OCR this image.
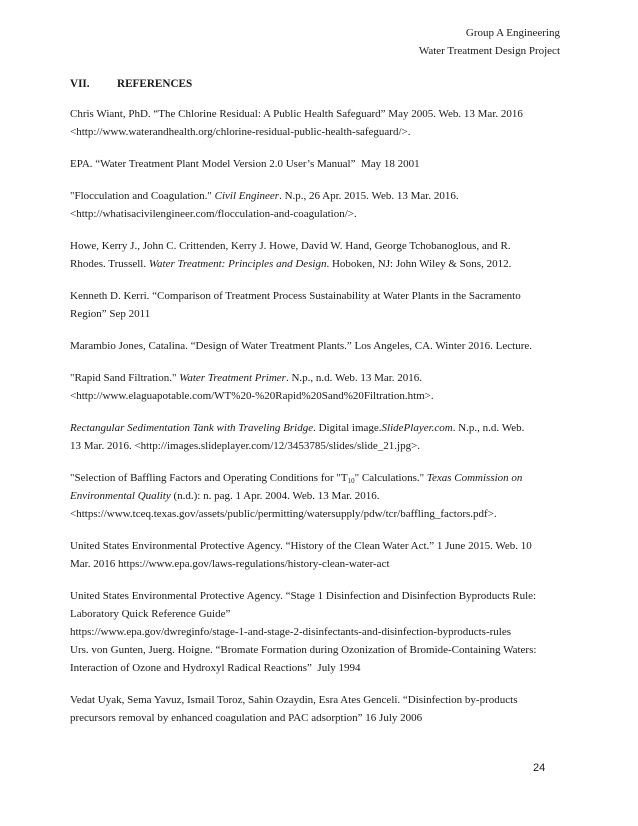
Group A Engineering
Water Treatment Design Project
VII. REFERENCES
Chris Wiant, PhD. “The Chlorine Residual: A Public Health Safeguard” May 2005. Web. 13 Mar. 2016
<http://www.waterandhealth.org/chlorine-residual-public-health-safeguard/>.
EPA. “Water Treatment Plant Model Version 2.0 User’s Manual”  May 18 2001
"Flocculation and Coagulation." Civil Engineer. N.p., 26 Apr. 2015. Web. 13 Mar. 2016.
<http://whatisacivilengineer.com/flocculation-and-coagulation/>.
Howe, Kerry J., John C. Crittenden, Kerry J. Howe, David W. Hand, George Tchobanoglous, and R.
Rhodes. Trussell. Water Treatment: Principles and Design. Hoboken, NJ: John Wiley & Sons, 2012.
Kenneth D. Kerri. “Comparison of Treatment Process Sustainability at Water Plants in the Sacramento
Region” Sep 2011
Marambio Jones, Catalina. “Design of Water Treatment Plants.” Los Angeles, CA. Winter 2016. Lecture.
"Rapid Sand Filtration." Water Treatment Primer. N.p., n.d. Web. 13 Mar. 2016.
<http://www.elaguapotable.com/WT%20-%20Rapid%20Sand%20Filtration.htm>.
Rectangular Sedimentation Tank with Traveling Bridge. Digital image.SlidePlayer.com. N.p., n.d. Web.
13 Mar. 2016. <http://images.slideplayer.com/12/3453785/slides/slide_21.jpg>.
"Selection of Baffling Factors and Operating Conditions for "$T_{10}$" Calculations." Texas Commission on
Environmental Quality (n.d.): n. pag. 1 Apr. 2004. Web. 13 Mar. 2016.
<https://www.tceq.texas.gov/assets/public/permitting/watersupply/pdw/tcr/baffling_factors.pdf>.
United States Environmental Protective Agency. “History of the Clean Water Act.” 1 June 2015. Web. 10
Mar. 2016 https://www.epa.gov/laws-regulations/history-clean-water-act
United States Environmental Protective Agency. “Stage 1 Disinfection and Disinfection Byproducts Rule:
Laboratory Quick Reference Guide”
https://www.epa.gov/dwreginfo/stage-1-and-stage-2-disinfectants-and-disinfection-byproducts-rules
Urs. von Gunten, Juerg. Hoigne. “Bromate Formation during Ozonization of Bromide-Containing Waters:
Interaction of Ozone and Hydroxyl Radical Reactions”  July 1994
Vedat Uyak, Sema Yavuz, Ismail Toroz, Sahin Ozaydin, Esra Ates Genceli. “Disinfection by-products
precursors removal by enhanced coagulation and PAC adsorption” 16 July 2006
24
